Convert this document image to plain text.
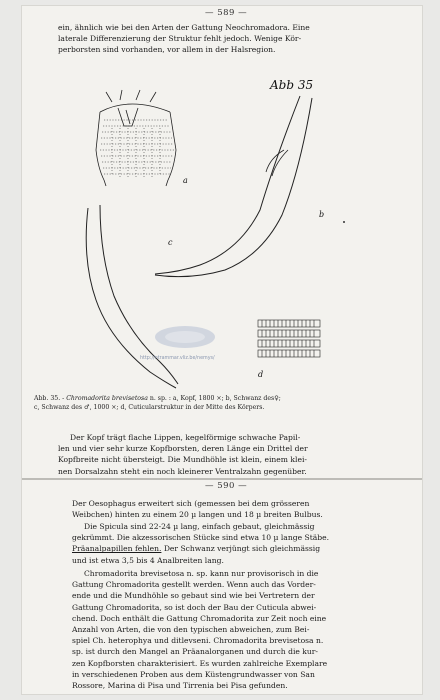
— 589 —

ein, ähnlich wie bei den Arten der Gattung Neochromadora. Eine

laterale Differenzierung der Struktur fehlt jedoch. Wenige Kör-

perborsten sind vorhanden, vor allem in der Halsregion.

Abb 35
a
b
c
d
http://ntrammar.vliz.be/nemys/
Abb. 35. - Chromadorita brevisetosa n. sp. : a, Kopf, 1800 ×; b, Schwanz des♀;
c, Schwanz des ♂, 1000 ×; d, Cuticularstruktur in der Mitte des Körpers.

Der Kopf trägt flache Lippen, kegelförmige schwache Papil-

len und vier sehr kurze Kopfborsten, deren Länge ein Drittel der

Kopfbreite nicht übersteigt. Die Mundhöhle ist klein, einem klei-

nen Dorsalzahn steht ein noch kleinerer Ventralzahn gegenüber.

— 590 —

Der Oesophagus erweitert sich (gemessen bei dem grösseren

Weibchen) hinten zu einem 20 µ langen und 18 µ breiten Bulbus.

Die Spicula sind 22-24 µ lang, einfach gebaut, gleichmässig

gekrümmt. Die akzessorischen Stücke sind etwa 10 µ lange Stäbe.

Präanalpapillen fehlen. Der Schwanz verjüngt sich gleichmässig

und ist etwa 3,5 bis 4 Analbreiten lang.

Chromadorita brevisetosa n. sp. kann nur provisorisch in die

Gattung Chromadorita gestellt werden. Wenn auch das Vorder-

ende und die Mundhöhle so gebaut sind wie bei Vertretern der

Gattung Chromadorita, so ist doch der Bau der Cuticula abwei-

chend. Doch enthält die Gattung Chromadorita zur Zeit noch eine

Anzahl von Arten, die von den typischen abweichen, zum Bei-

spiel Ch. heterophya und ditlevseni. Chromadorita brevisetosa n.

sp. ist durch den Mangel an Präanalorganen und durch die kur-

zen Kopfborsten charakterisiert. Es wurden zahlreiche Exemplare

in verschiedenen Proben aus dem Küstengrundwasser von San

Rossore, Marina di Pisa und Tirrenia bei Pisa gefunden.
